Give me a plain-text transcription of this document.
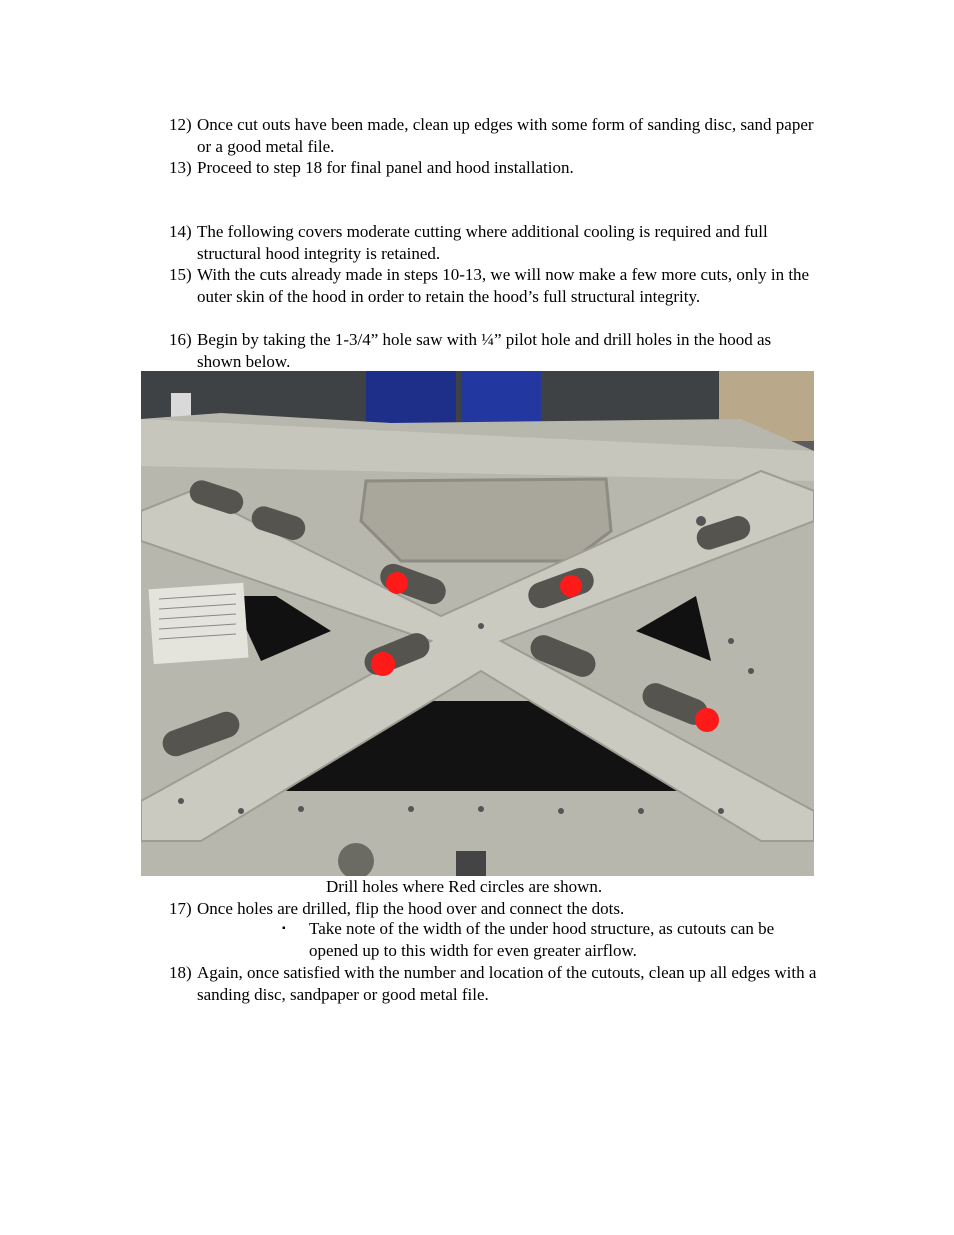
12) Once cut outs have been made, clean up edges with some form of sanding disc, sand paper or a good metal file.
13) Proceed to step 18 for final panel and hood installation.
14) The following covers moderate cutting where additional cooling is required and full structural hood integrity is retained.
15) With the cuts already made in steps 10-13, we will now make a few more cuts, only in the outer skin of the hood in order to retain the hood’s full structural integrity.
16) Begin by taking the 1-3/4” hole saw with ¼” pilot hole and drill holes in the hood as shown below.
Drill holes where Red circles are shown.
17) Once holes are drilled, flip the hood over and connect the dots.
▪ Take note of the width of the under hood structure, as cutouts can be opened up to this width for even greater airflow.
18) Again, once satisfied with the number and location of the cutouts, clean up all edges with a sanding disc, sandpaper or good metal file.
